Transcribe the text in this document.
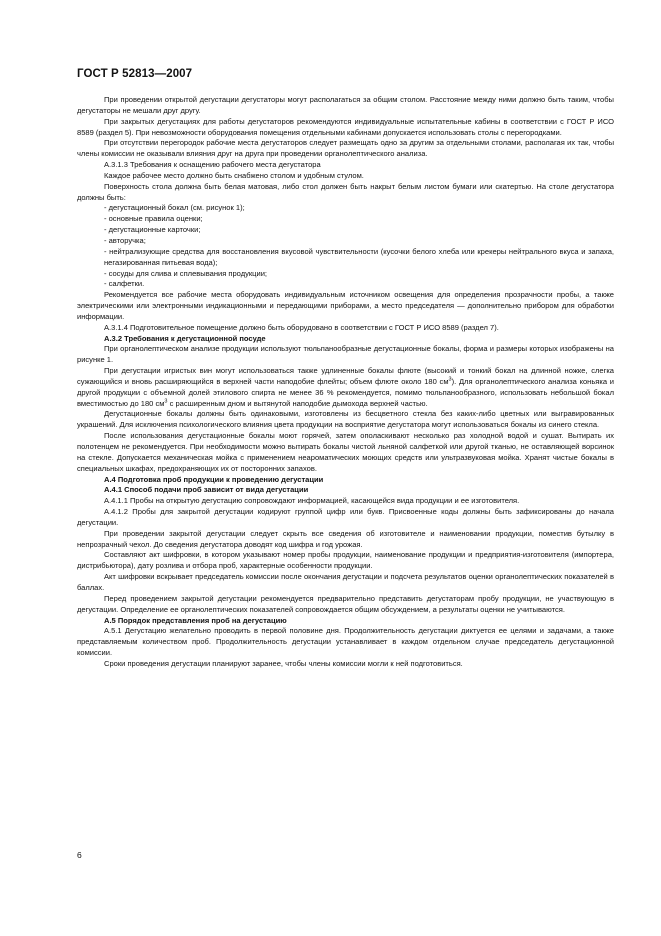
ГОСТ Р 52813—2007

При проведении открытой дегустации дегустаторы могут располагаться за общим столом. Расстояние между ними должно быть таким, чтобы дегустаторы не мешали друг другу.

При закрытых дегустациях для работы дегустаторов рекомендуются индивидуальные испытательные кабины в соответствии с ГОСТ Р ИСО 8589 (раздел 5). При невозможности оборудования помещения отдельными кабинами допускается использовать столы с перегородками.

При отсутствии перегородок рабочие места дегустаторов следует размещать одно за другим за отдельными столами, располагая их так, чтобы члены комиссии не оказывали влияния друг на друга при проведении органолептического анализа.

А.3.1.3 Требования к оснащению рабочего места дегустатора

Каждое рабочее место должно быть снабжено столом и удобным стулом.

Поверхность стола должна быть белая матовая, либо стол должен быть накрыт белым листом бумаги или скатертью. На столе дегустатора должны быть:

- дегустационный бокал (см. рисунок 1);

- основные правила оценки;

- дегустационные карточки;

- авторучка;

- нейтрализующие средства для восстановления вкусовой чувствительности (кусочки белого хлеба или крекеры нейтрального вкуса и запаха, негазированная питьевая вода);

- сосуды для слива и сплевывания продукции;

- салфетки.

Рекомендуется все рабочие места оборудовать индивидуальным источником освещения для определения прозрачности пробы, а также электрическими или электронными индикационными и передающими приборами, а место председателя — дополнительно прибором для обработки информации.

А.3.1.4 Подготовительное помещение должно быть оборудовано в соответствии с ГОСТ Р ИСО 8589 (раздел 7).

А.3.2 Требования к дегустационной посуде

При органолептическом анализе продукции используют тюльпанообразные дегустационные бокалы, форма и размеры которых изображены на рисунке 1.

При дегустации игристых вин могут использоваться также удлиненные бокалы флюте (высокий и тонкий бокал на длинной ножке, слегка сужающийся и вновь расширяющийся в верхней части наподобие флейты; объем флюте около 180 $см^3$). Для органолептического анализа коньяка и другой продукции с объемной долей этилового спирта не менее 36 % рекомендуется, помимо тюльпанообразного, использовать небольшой бокал вместимостью до 180 $см^3$ с расширенным дном и вытянутой наподобие дымохода верхней частью.

Дегустационные бокалы должны быть одинаковыми, изготовлены из бесцветного стекла без каких-либо цветных или выгравированных украшений. Для исключения психологического влияния цвета продукции на восприятие дегустатора могут использоваться бокалы из синего стекла.

После использования дегустационные бокалы моют горячей, затем ополаскивают несколько раз холодной водой и сушат. Вытирать их полотенцем не рекомендуется. При необходимости можно вытирать бокалы чистой льняной салфеткой или другой тканью, не оставляющей ворсинок на стекле. Допускается механическая мойка с применением неароматических моющих средств или ультразвуковая мойка. Хранят чистые бокалы в специальных шкафах, предохраняющих их от посторонних запахов.

А.4 Подготовка проб продукции к проведению дегустации

А.4.1 Способ подачи проб зависит от вида дегустации

А.4.1.1 Пробы на открытую дегустацию сопровождают информацией, касающейся вида продукции и ее изготовителя.

А.4.1.2 Пробы для закрытой дегустации кодируют группой цифр или букв. Присвоенные коды должны быть зафиксированы до начала дегустации.

При проведении закрытой дегустации следует скрыть все сведения об изготовителе и наименовании продукции, поместив бутылку в непрозрачный чехол. До сведения дегустатора доводят код шифра и год урожая.

Составляют акт шифровки, в котором указывают номер пробы продукции, наименование продукции и предприятия-изготовителя (импортера, дистрибьютора), дату розлива и отбора проб, характерные особенности продукции.

Акт шифровки вскрывает председатель комиссии после окончания дегустации и подсчета результатов оценки органолептических показателей в баллах.

Перед проведением закрытой дегустации рекомендуется предварительно представить дегустаторам пробу продукции, не участвующую в дегустации. Определение ее органолептических показателей сопровождается общим обсуждением, а результаты оценки не учитываются.

А.5 Порядок представления проб на дегустацию

А.5.1 Дегустацию желательно проводить в первой половине дня. Продолжительность дегустации диктуется ее целями и задачами, а также представляемым количеством проб. Продолжительность дегустации устанавливает в каждом отдельном случае председатель дегустационной комиссии.

Сроки проведения дегустации планируют заранее, чтобы члены комиссии могли к ней подготовиться.

6
